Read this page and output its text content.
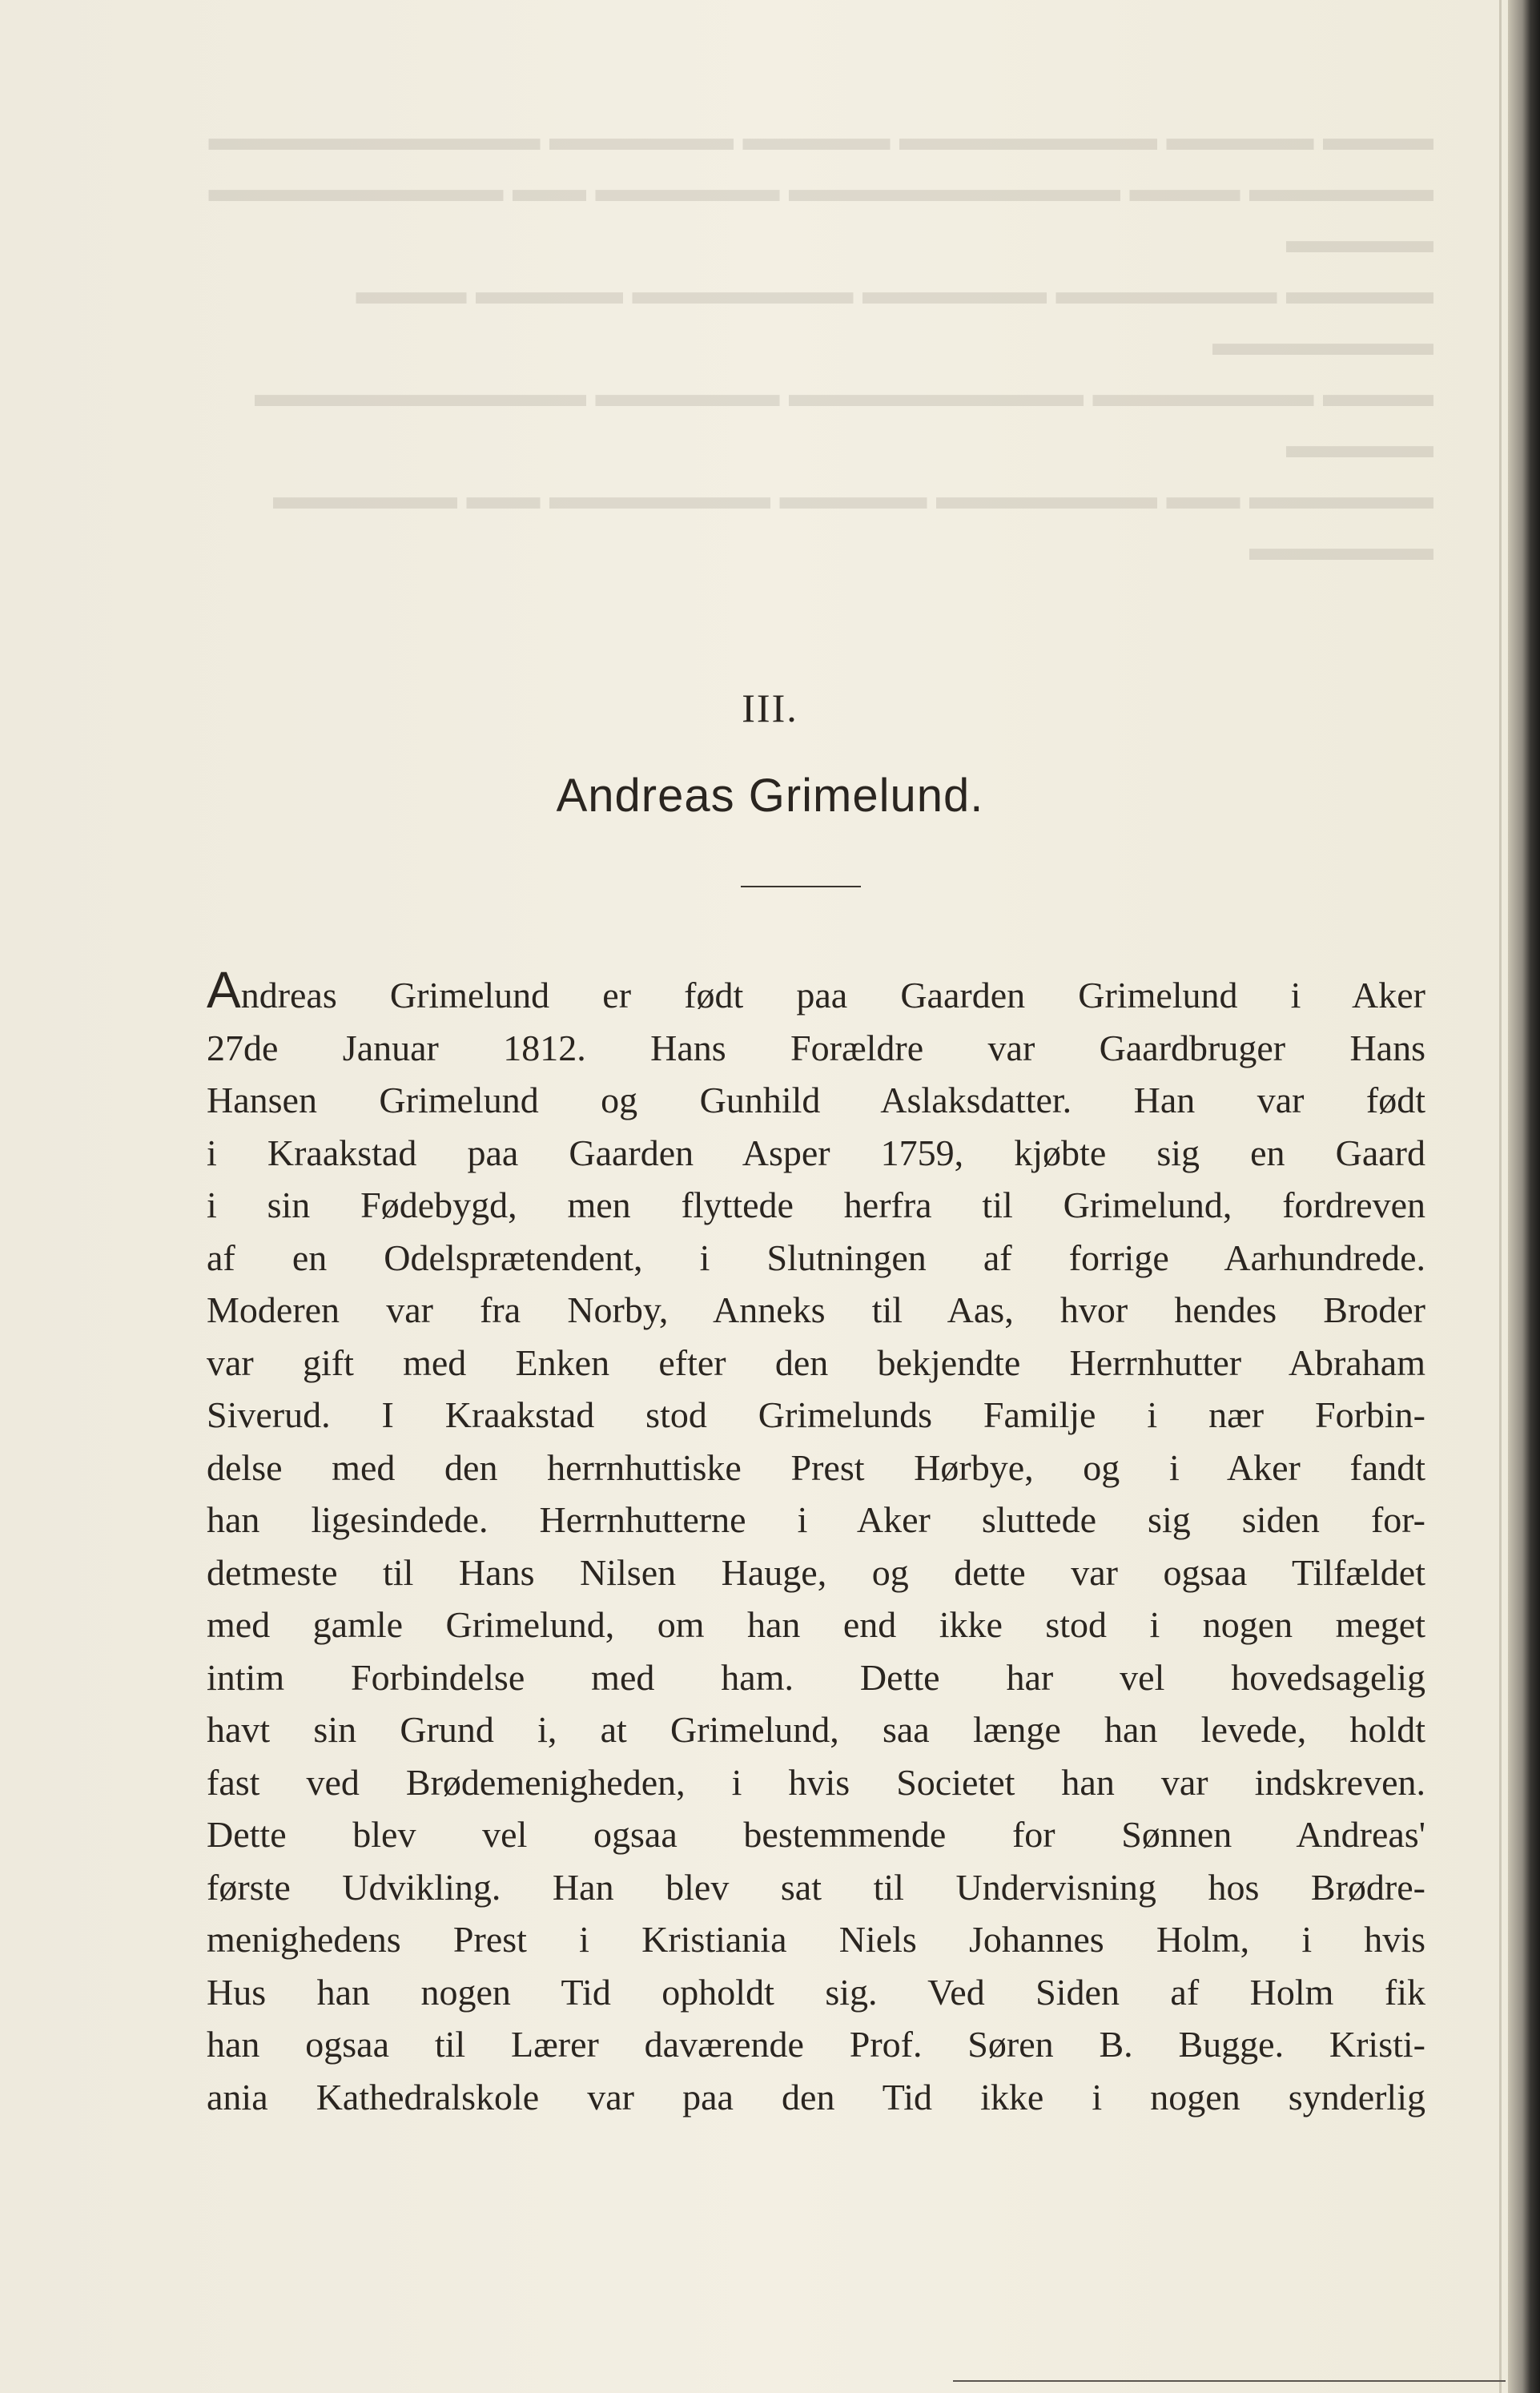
▬▬▬ ▬▬▬▬ ▬▬▬▬▬▬▬ ▬▬▬▬ ▬▬▬▬▬ ▬▬▬▬▬▬▬▬▬
▬▬▬▬▬ ▬▬▬ ▬▬▬▬▬▬▬▬▬ ▬▬▬▬▬ ▬▬ ▬▬▬▬▬▬▬▬ ▬▬▬▬
▬▬▬▬ ▬▬▬▬▬▬ ▬▬▬▬▬ ▬▬▬▬▬▬ ▬▬▬▬ ▬▬▬ ▬▬▬▬▬▬
▬▬▬ ▬▬▬▬▬▬ ▬▬▬▬▬▬▬▬ ▬▬▬▬▬ ▬▬▬▬▬▬▬▬▬ ▬▬▬▬
▬▬▬▬▬ ▬▬ ▬▬▬▬▬▬ ▬▬▬▬ ▬▬▬▬▬▬ ▬▬ ▬▬▬▬▬ ▬▬▬▬▬
III.
Andreas Grimelund.
Andreas Grimelund er født paa Gaarden Grimelund i Aker
27de Januar 1812. Hans Forældre var Gaardbruger Hans
Hansen Grimelund og Gunhild Aslaksdatter. Han var født
i Kraakstad paa Gaarden Asper 1759, kjøbte sig en Gaard
i sin Fødebygd, men flyttede herfra til Grimelund, fordreven
af en Odelsprætendent, i Slutningen af forrige Aarhundrede.
Moderen var fra Norby, Anneks til Aas, hvor hendes Broder
var gift med Enken efter den bekjendte Herrnhutter Abraham
Siverud. I Kraakstad stod Grimelunds Familje i nær Forbin-
delse med den herrnhuttiske Prest Hørbye, og i Aker fandt
han ligesindede. Herrnhutterne i Aker sluttede sig siden for-
detmeste til Hans Nilsen Hauge, og dette var ogsaa Tilfældet
med gamle Grimelund, om han end ikke stod i nogen meget
intim Forbindelse med ham. Dette har vel hovedsagelig
havt sin Grund i, at Grimelund, saa længe han levede, holdt
fast ved Brødemenigheden, i hvis Societet han var indskreven.
Dette blev vel ogsaa bestemmende for Sønnen Andreas'
første Udvikling. Han blev sat til Undervisning hos Brødre-
menighedens Prest i Kristiania Niels Johannes Holm, i hvis
Hus han nogen Tid opholdt sig. Ved Siden af Holm fik
han ogsaa til Lærer daværende Prof. Søren B. Bugge. Kristi-
ania Kathedralskole var paa den Tid ikke i nogen synderlig
